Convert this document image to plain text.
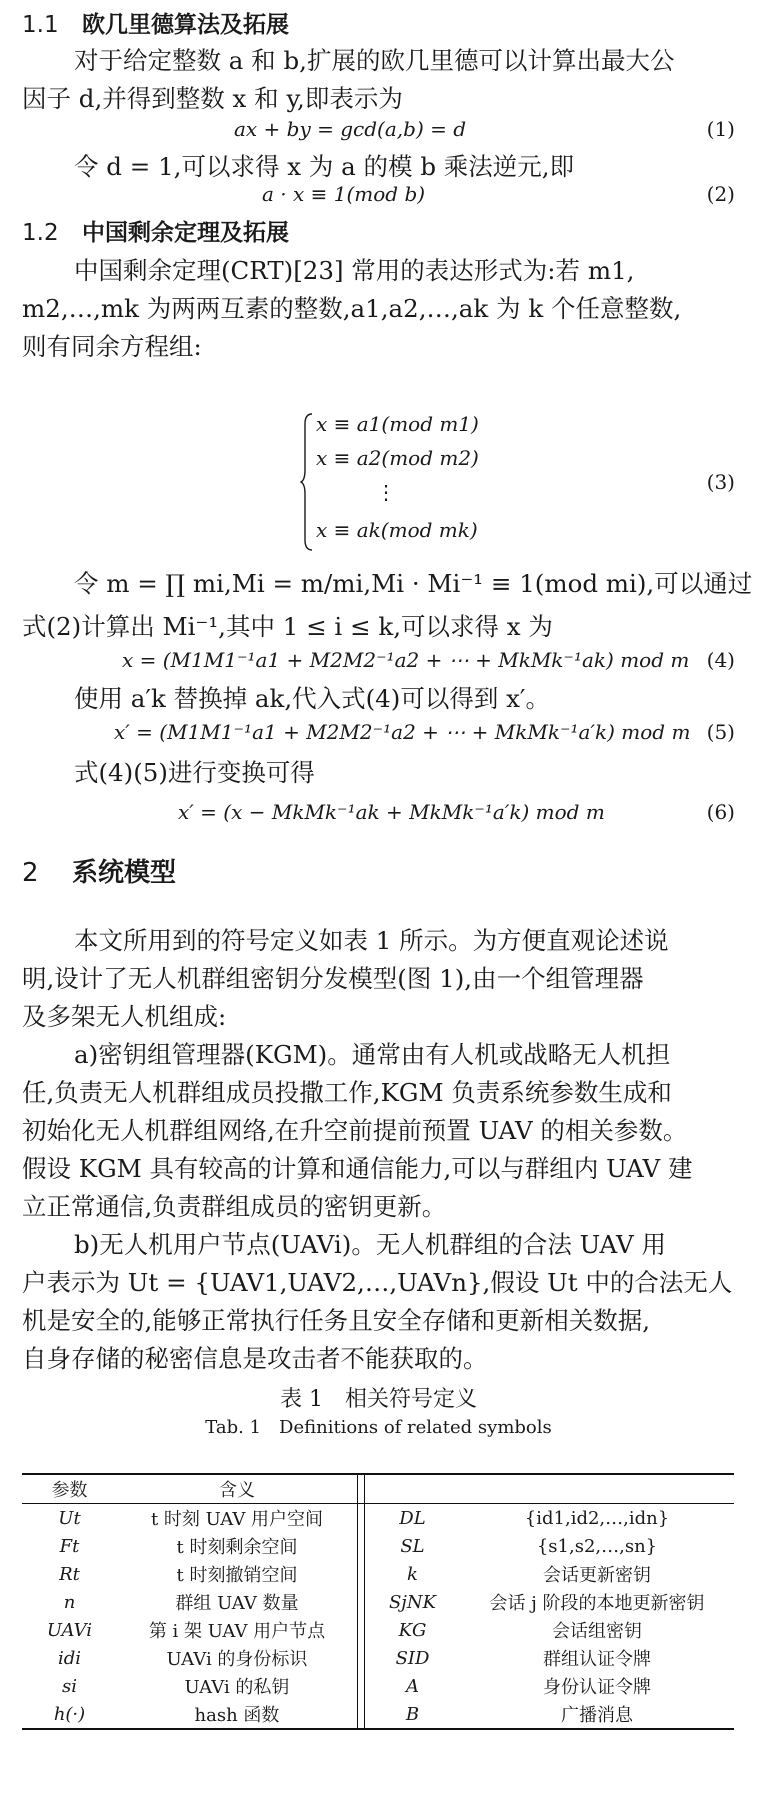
1.1 欧几里德算法及拓展
对于给定整数 a 和 b,扩展的欧几里德可以计算出最大公
因子 d,并得到整数 x 和 y,即表示为
ax + by = gcd(a,b) = d	(1)
令 d = 1,可以求得 x 为 a 的模 b 乘法逆元,即
a · x ≡ 1(mod b)	(2)
1.2 中国剩余定理及拓展
中国剩余定理(CRT)[23] 常用的表达形式为:若 m1,
m2,…,mk 为两两互素的整数,a1,a2,…,ak 为 k 个任意整数,
则有同余方程组:
x ≡ a1(mod m1)
x ≡ a2(mod m2)
⋮
x ≡ ak(mod mk)
(3)
令 m = ∏ mi,Mi = m/mi,Mi · Mi⁻¹ ≡ 1(mod mi),可以通过
式(2)计算出 Mi⁻¹,其中 1 ≤ i ≤ k,可以求得 x 为
x = (M1M1⁻¹a1 + M2M2⁻¹a2 + ⋯ + MkMk⁻¹ak) mod m (4)
使用 a′k 替换掉 ak,代入式(4)可以得到 x′。
x′ = (M1M1⁻¹a1 + M2M2⁻¹a2 + ⋯ + MkMk⁻¹a′k) mod m (5)
式(4)(5)进行变换可得
x′ = (x − MkMk⁻¹ak + MkMk⁻¹a′k) mod m	(6)
2 系统模型
本文所用到的符号定义如表 1 所示。为方便直观论述说
明,设计了无人机群组密钥分发模型(图 1),由一个组管理器
及多架无人机组成:
a)密钥组管理器(KGM)。通常由有人机或战略无人机担
任,负责无人机群组成员投撒工作,KGM 负责系统参数生成和
初始化无人机群组网络,在升空前提前预置 UAV 的相关参数。
假设 KGM 具有较高的计算和通信能力,可以与群组内 UAV 建
立正常通信,负责群组成员的密钥更新。
b)无人机用户节点(UAVi)。无人机群组的合法 UAV 用
户表示为 Ut = {UAV1,UAV2,…,UAVn},假设 Ut 中的合法无人
机是安全的,能够正常执行任务且安全存储和更新相关数据,
自身存储的秘密信息是攻击者不能获取的。
表 1　相关符号定义
Tab. 1　Definitions of related symbols
参数	含义			
Ut	t 时刻 UAV 用户空间		DL	{id1,id2,…,idn}
Ft	t 时刻剩余空间		SL	{s1,s2,…,sn}
Rt	t 时刻撤销空间		k	会话更新密钥
n	群组 UAV 数量		SjNK	会话 j 阶段的本地更新密钥
UAVi	第 i 架 UAV 用户节点		KG	会话组密钥
idi	UAVi 的身份标识		SID	群组认证令牌
si	UAVi 的私钥		A	身份认证令牌
h(·)	hash 函数		B	广播消息
